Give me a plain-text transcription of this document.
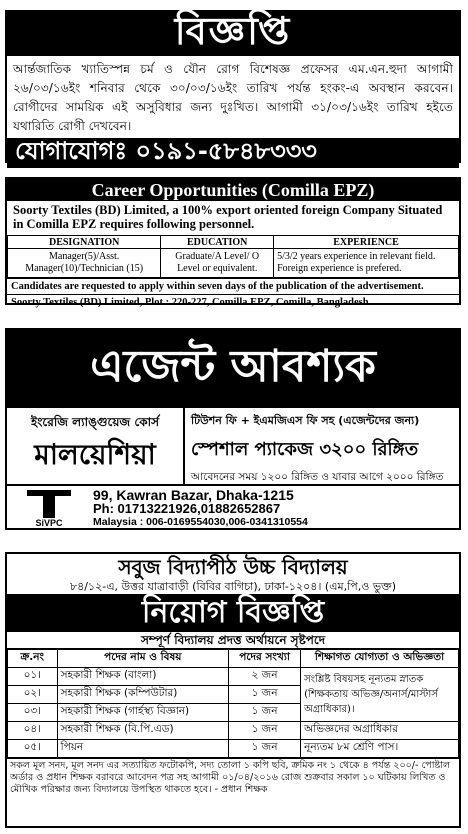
বিজ্ঞপ্তি
আর্ন্তজাতিক খ্যাতিস্পন্ন চর্ম ও যৌন রোগ বিশেষজ্ঞ প্রফেসর এম.এন.হুদা আগামী ২৬/০৩/১৬ইং শনিবার থেকে ৩০/০৩/১৬ইং তারিখ পর্যন্ত হংকং-এ অবস্থান করবেন। রোগীদের সাময়িক এই অসুবিধার জন্য দুঃখিত। আগামী ৩১/০৩/১৬ইং তারিখ হইতে যথারিতি রোগী দেখবেন।
যোগাযোগঃ ০১৯১-৫৮৪৮৩৩৩
Career Opportunities (Comilla EPZ)
Soorty Textiles (BD) Limited, a 100% export oriented foreign Company Situated in Comilla EPZ requires following personnel.
DESIGNATION	EDUCATION	EXPERIENCE
Manager(5)/Asst. Manager(10)/Technician (15)	Graduate/A Level/ O Level or equivalent.	5/3/2 years experience in relevant field. Foreign experience is prefered.
Candidates are requested to apply within seven days of the publication of the advertisement.
Soorty Textiles (BD) Limited, Plot : 220-227, Comilla EPZ, Comilla, Bangladesh
এজেন্ট আবশ্যক
ইংরেজি ল্যাঙ্গুয়েজ কোর্স
মালয়েশিয়া
টিউশন ফি + ইএমজিএস ফি সহ (এজেন্টদের জন্য)
স্পেশাল প্যাকেজ ৩২০০ রিঙ্গিত
আবেদনের সময় ১২০০ রিঙ্গিত ও যাবার আগে ২০০০ রিঙ্গিত
SiVPC
99, Kawran Bazar, Dhaka-1215
Ph: 01713221926,01882652867
Malaysia : 006-0169554030,006-0341310554
সবুজ বিদ্যাপীঠ উচ্চ বিদ্যালয়
৮৪/১২-এ, উত্তর যাত্রাবাড়ী (বিবির বাগিচা), ঢাকা-১২০৪। (এম,পি,ও ভুক্ত)
নিয়োগ বিজ্ঞপ্তি
সম্পূর্ণ বিদ্যালয় প্রদত্ত অর্থায়নে সৃষ্টপদে
ক্র.নং	পদের নাম ও বিষয়	পদের সংখ্যা	শিক্ষাগত যোগ্যতা ও অভিজ্ঞতা
০১।	সহকারী শিক্ষক (বাংলা)	২ জন	সংশ্লিষ্ট বিষয়সহ নূন্যতম স্নাতক (শিক্ষকতায় অভিজ্ঞ/অনার্স/মাস্টার্স অগ্রাধিকার)।
০২।	সহকারী শিক্ষক (কম্পিউটার)	১ জন	
০৩।	সহকারী শিক্ষক (গার্হস্থ্য বিজ্ঞান)	১ জন	
০৪।	সহকারী শিক্ষক (বি.পি.এড)	১ জন	অভিজ্ঞদের অগ্রাধিকার
০৫।	পিয়ন	১ জন	নূন্যতম ৮ম শ্রেণি পাস।
সকল মূল সনদ, মূল সনদ এর সত্যায়িত ফটোকপি, সদ্য তোলা ১ কপি ছবি, ক্রমিক নং ১ থেকে ৪ পর্যন্ত ২০০/- পোষ্টাল অর্ডার ও প্রধান শিক্ষক বরাবরে আবেদন পত্র সহ আগামী ০১/০৪/২০১৬ রোজ শুক্রবার সকাল ১০ ঘটিকায় লিখিত ও মৌখিক পরিক্ষার জন্য বিদ্যালয়ে উপস্থিত থাকতে হবে। - প্রধান শিক্ষক
